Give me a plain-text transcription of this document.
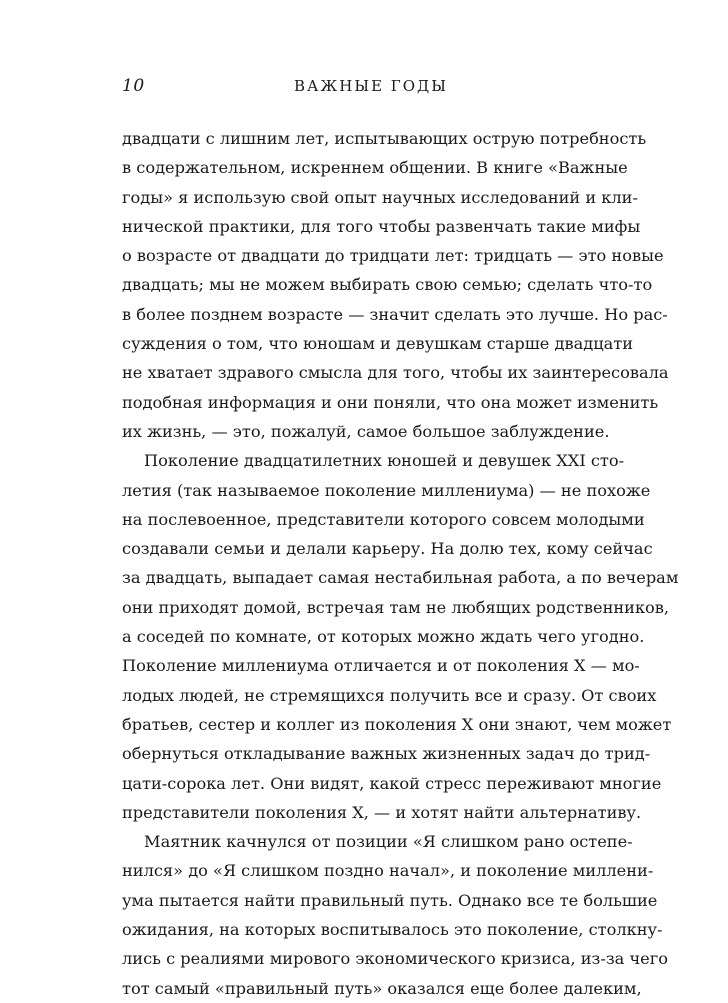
10	ВАЖНЫЕ ГОДЫ

двадцати с лишним лет, испытывающих острую потребность
в содержательном, искреннем общении. В книге «Важные
годы» я использую свой опыт научных исследований и кли-
нической практики, для того чтобы развенчать такие мифы
о возрасте от двадцати до тридцати лет: тридцать — это новые
двадцать; мы не можем выбирать свою семью; сделать что-то
в более позднем возрасте — значит сделать это лучше. Но рас-
суждения о том, что юношам и девушкам старше двадцати
не хватает здравого смысла для того, чтобы их заинтересовала
подобная информация и они поняли, что она может изменить
их жизнь, — это, пожалуй, самое большое заблуждение.

Поколение двадцатилетних юношей и девушек XXI сто-
летия (так называемое поколение миллениума) — не похоже
на послевоенное, представители которого совсем молодыми
создавали семьи и делали карьеру. На долю тех, кому сейчас
за двадцать, выпадает самая нестабильная работа, а по вечерам
они приходят домой, встречая там не любящих родственников,
а соседей по комнате, от которых можно ждать чего угодно.
Поколение миллениума отличается и от поколения X — мо-
лодых людей, не стремящихся получить все и сразу. От своих
братьев, сестер и коллег из поколения X они знают, чем может
обернуться откладывание важных жизненных задач до трид-
цати-сорока лет. Они видят, какой стресс переживают многие
представители поколения X, — и хотят найти альтернативу.

Маятник качнулся от позиции «Я слишком рано остепе-
нился» до «Я слишком поздно начал», и поколение миллени-
ума пытается найти правильный путь. Однако все те большие
ожидания, на которых воспитывалось это поколение, столкну-
лись с реалиями мирового экономического кризиса, из-за чего
тот самый «правильный путь» оказался еще более далеким,
